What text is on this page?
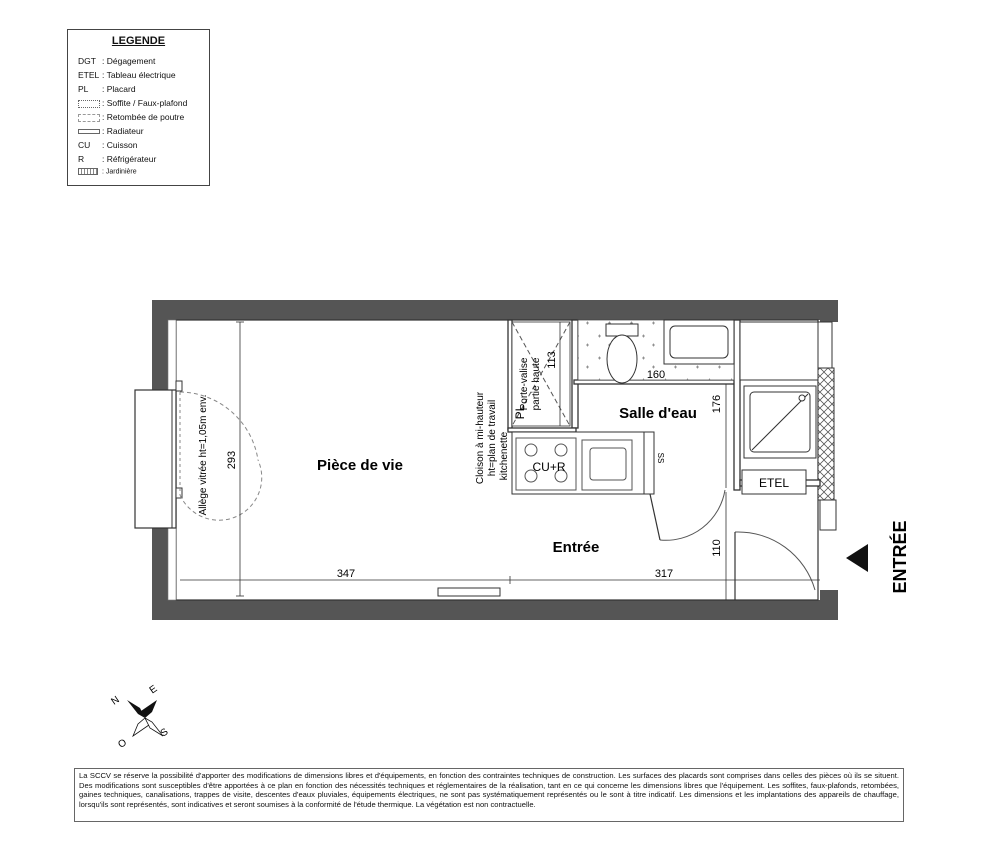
LEGENDE
DGT : Dégagement
ETEL : Tableau électrique
PL : Placard
: Soffite / Faux-plafond
: Retombée de poutre
: Radiateur
CU : Cuisson
R : Réfrigérateur
: Jardinière
ETEL
347	317
293
113
160
176
110
Pièce de vie
Salle d'eau
Entrée
CU+R
PL
SS
Porte-valise partie haute
Cloison à mi-hauteur ht=plan de travail kitchenette
Allège vitrée ht=1,05m env.
ENTRÉE
N
E
S
O
La SCCV se réserve la possibilité d'apporter des modifications de dimensions libres et d'équipements, en fonction des contraintes techniques de construction. Les surfaces des placards sont comprises dans celles des pièces où ils se situent. Des modifications sont susceptibles d'être apportées à ce plan en fonction des nécessités techniques et réglementaires de la réalisation, tant en ce qui concerne les dimensions libres que l'équipement. Les soffites, faux-plafonds, retombées, gaines techniques, canalisations, trappes de visite, descentes d'eaux pluviales, équipements électriques, ne sont pas systématiquement représentés ou le sont à titre indicatif. Les dimensions et les implantations des appareils de chauffage, lorsqu'ils sont représentés, sont indicatives et seront soumises à la conformité de l'étude thermique. La végétation est non contractuelle.
